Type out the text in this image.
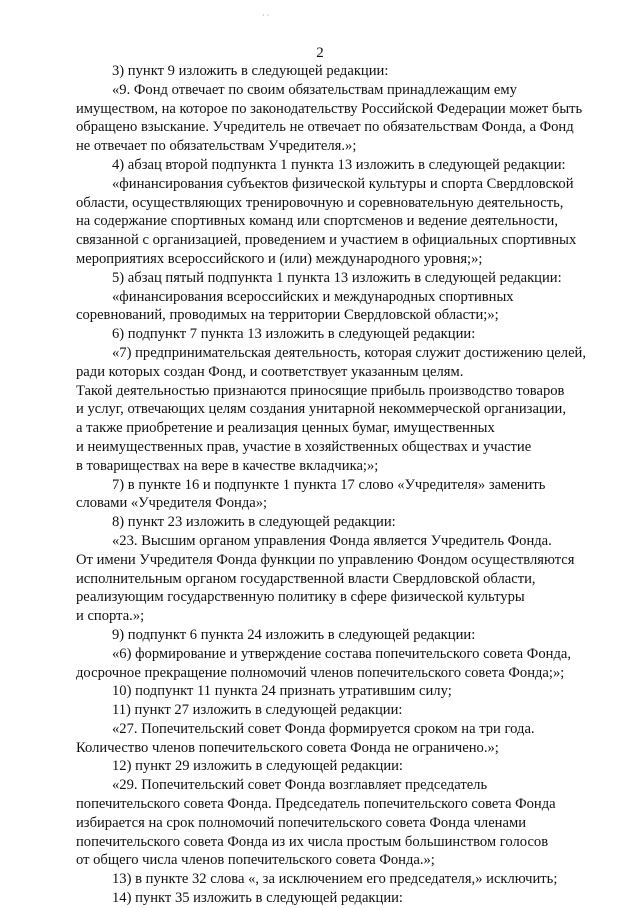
· ·
2

3) пункт 9 изложить в следующей редакции:

«9. Фонд отвечает по своим обязательствам принадлежащим ему
имуществом, на которое по законодательству Российской Федерации может быть
обращено взыскание. Учредитель не отвечает по обязательствам Фонда, а Фонд
не отвечает по обязательствам Учредителя.»;

4) абзац второй подпункта 1 пункта 13 изложить в следующей редакции:

«финансирования субъектов физической культуры и спорта Свердловской
области, осуществляющих тренировочную и соревновательную деятельность,
на содержание спортивных команд или спортсменов и ведение деятельности,
связанной с организацией, проведением и участием в официальных спортивных
мероприятиях всероссийского и (или) международного уровня;»;

5) абзац пятый подпункта 1 пункта 13 изложить в следующей редакции:

«финансирования всероссийских и международных спортивных
соревнований, проводимых на территории Свердловской области;»;

6) подпункт 7 пункта 13 изложить в следующей редакции:

«7) предпринимательская деятельность, которая служит достижению целей,
ради которых создан Фонд, и соответствует указанным целям.
Такой деятельностью признаются приносящие прибыль производство товаров
и услуг, отвечающих целям создания унитарной некоммерческой организации,
а также приобретение и реализация ценных бумаг, имущественных
и неимущественных прав, участие в хозяйственных обществах и участие
в товариществах на вере в качестве вкладчика;»;

7) в пункте 16 и подпункте 1 пункта 17 слово «Учредителя» заменить
словами «Учредителя Фонда»;

8) пункт 23 изложить в следующей редакции:

«23. Высшим органом управления Фонда является Учредитель Фонда.
От имени Учредителя Фонда функции по управлению Фондом осуществляются
исполнительным органом государственной власти Свердловской области,
реализующим государственную политику в сфере физической культуры
и спорта.»;

9) подпункт 6 пункта 24 изложить в следующей редакции:

«6) формирование и утверждение состава попечительского совета Фонда,
досрочное прекращение полномочий членов попечительского совета Фонда;»;

10) подпункт 11 пункта 24 признать утратившим силу;

11) пункт 27 изложить в следующей редакции:

«27. Попечительский совет Фонда формируется сроком на три года.
Количество членов попечительского совета Фонда не ограничено.»;

12) пункт 29 изложить в следующей редакции:

«29. Попечительский совет Фонда возглавляет председатель
попечительского совета Фонда. Председатель попечительского совета Фонда
избирается на срок полномочий попечительского совета Фонда членами
попечительского совета Фонда из их числа простым большинством голосов
от общего числа членов попечительского совета Фонда.»;

13) в пункте 32 слова «, за исключением его председателя,» исключить;

14) пункт 35 изложить в следующей редакции:
